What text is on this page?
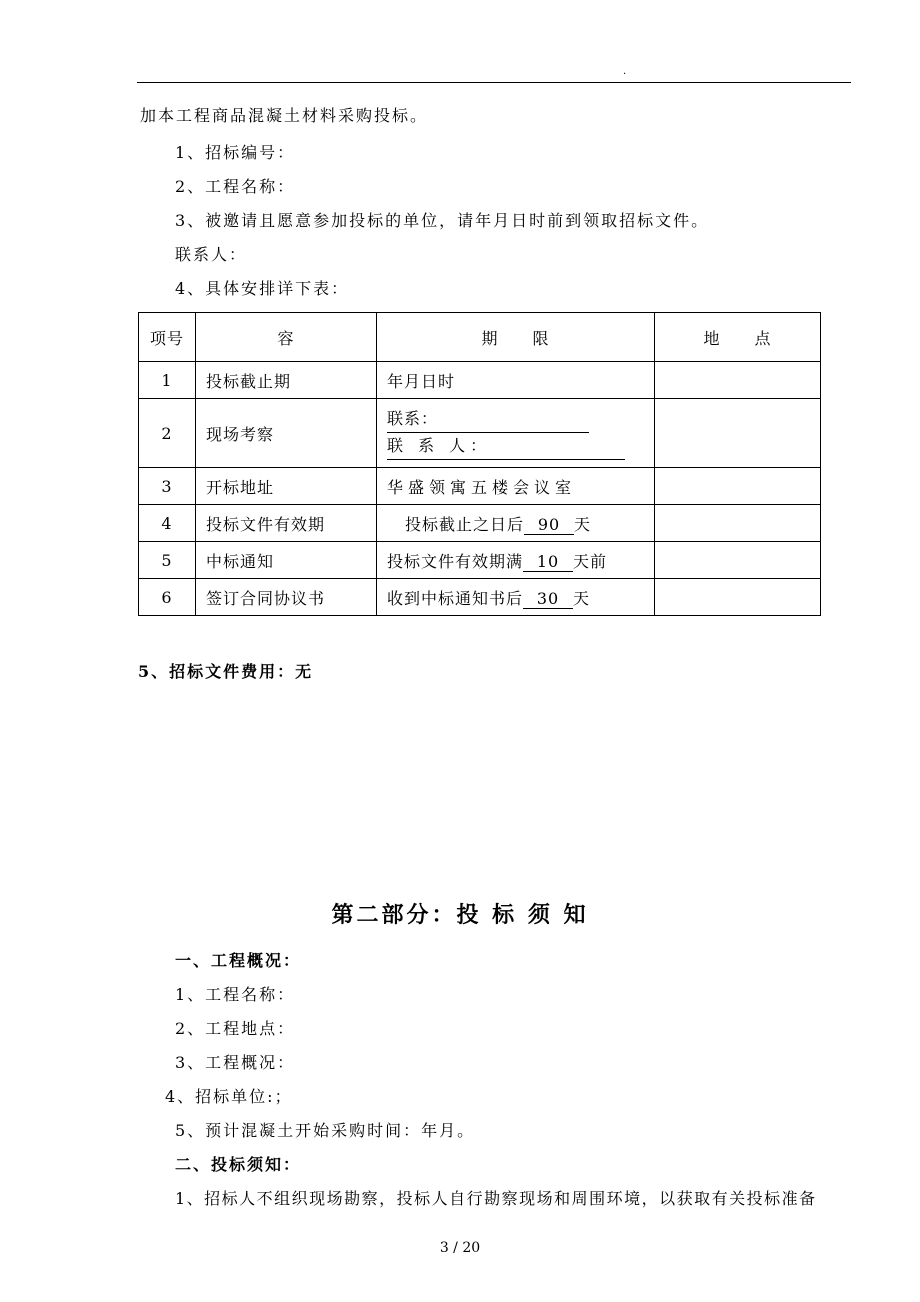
.
加本工程商品混凝土材料采购投标。
1、招标编号：
2、工程名称：
3、被邀请且愿意参加投标的单位，请年月日时前到领取招标文件。
联系人：
4、具体安排详下表：
项号	容	期　　限	地　　点
1	投标截止期	年月日时	
2	现场考察	联系：
联 系 人：	

3	开标地址	华盛领寓五楼会议室	
4	投标文件有效期	投标截止之日后 90 天	
5	中标通知	投标文件有效期满 10 天前	
6	签订合同协议书	收到中标通知书后 30 天	
5、招标文件费用：无
第二部分：投 标 须 知
一、工程概况：
1、工程名称：
2、工程地点：
3、工程概况：
4、招标单位:；
5、预计混凝土开始采购时间：年月。
二、投标须知：
1、招标人不组织现场勘察，投标人自行勘察现场和周围环境，以获取有关投标准备
3 / 20
